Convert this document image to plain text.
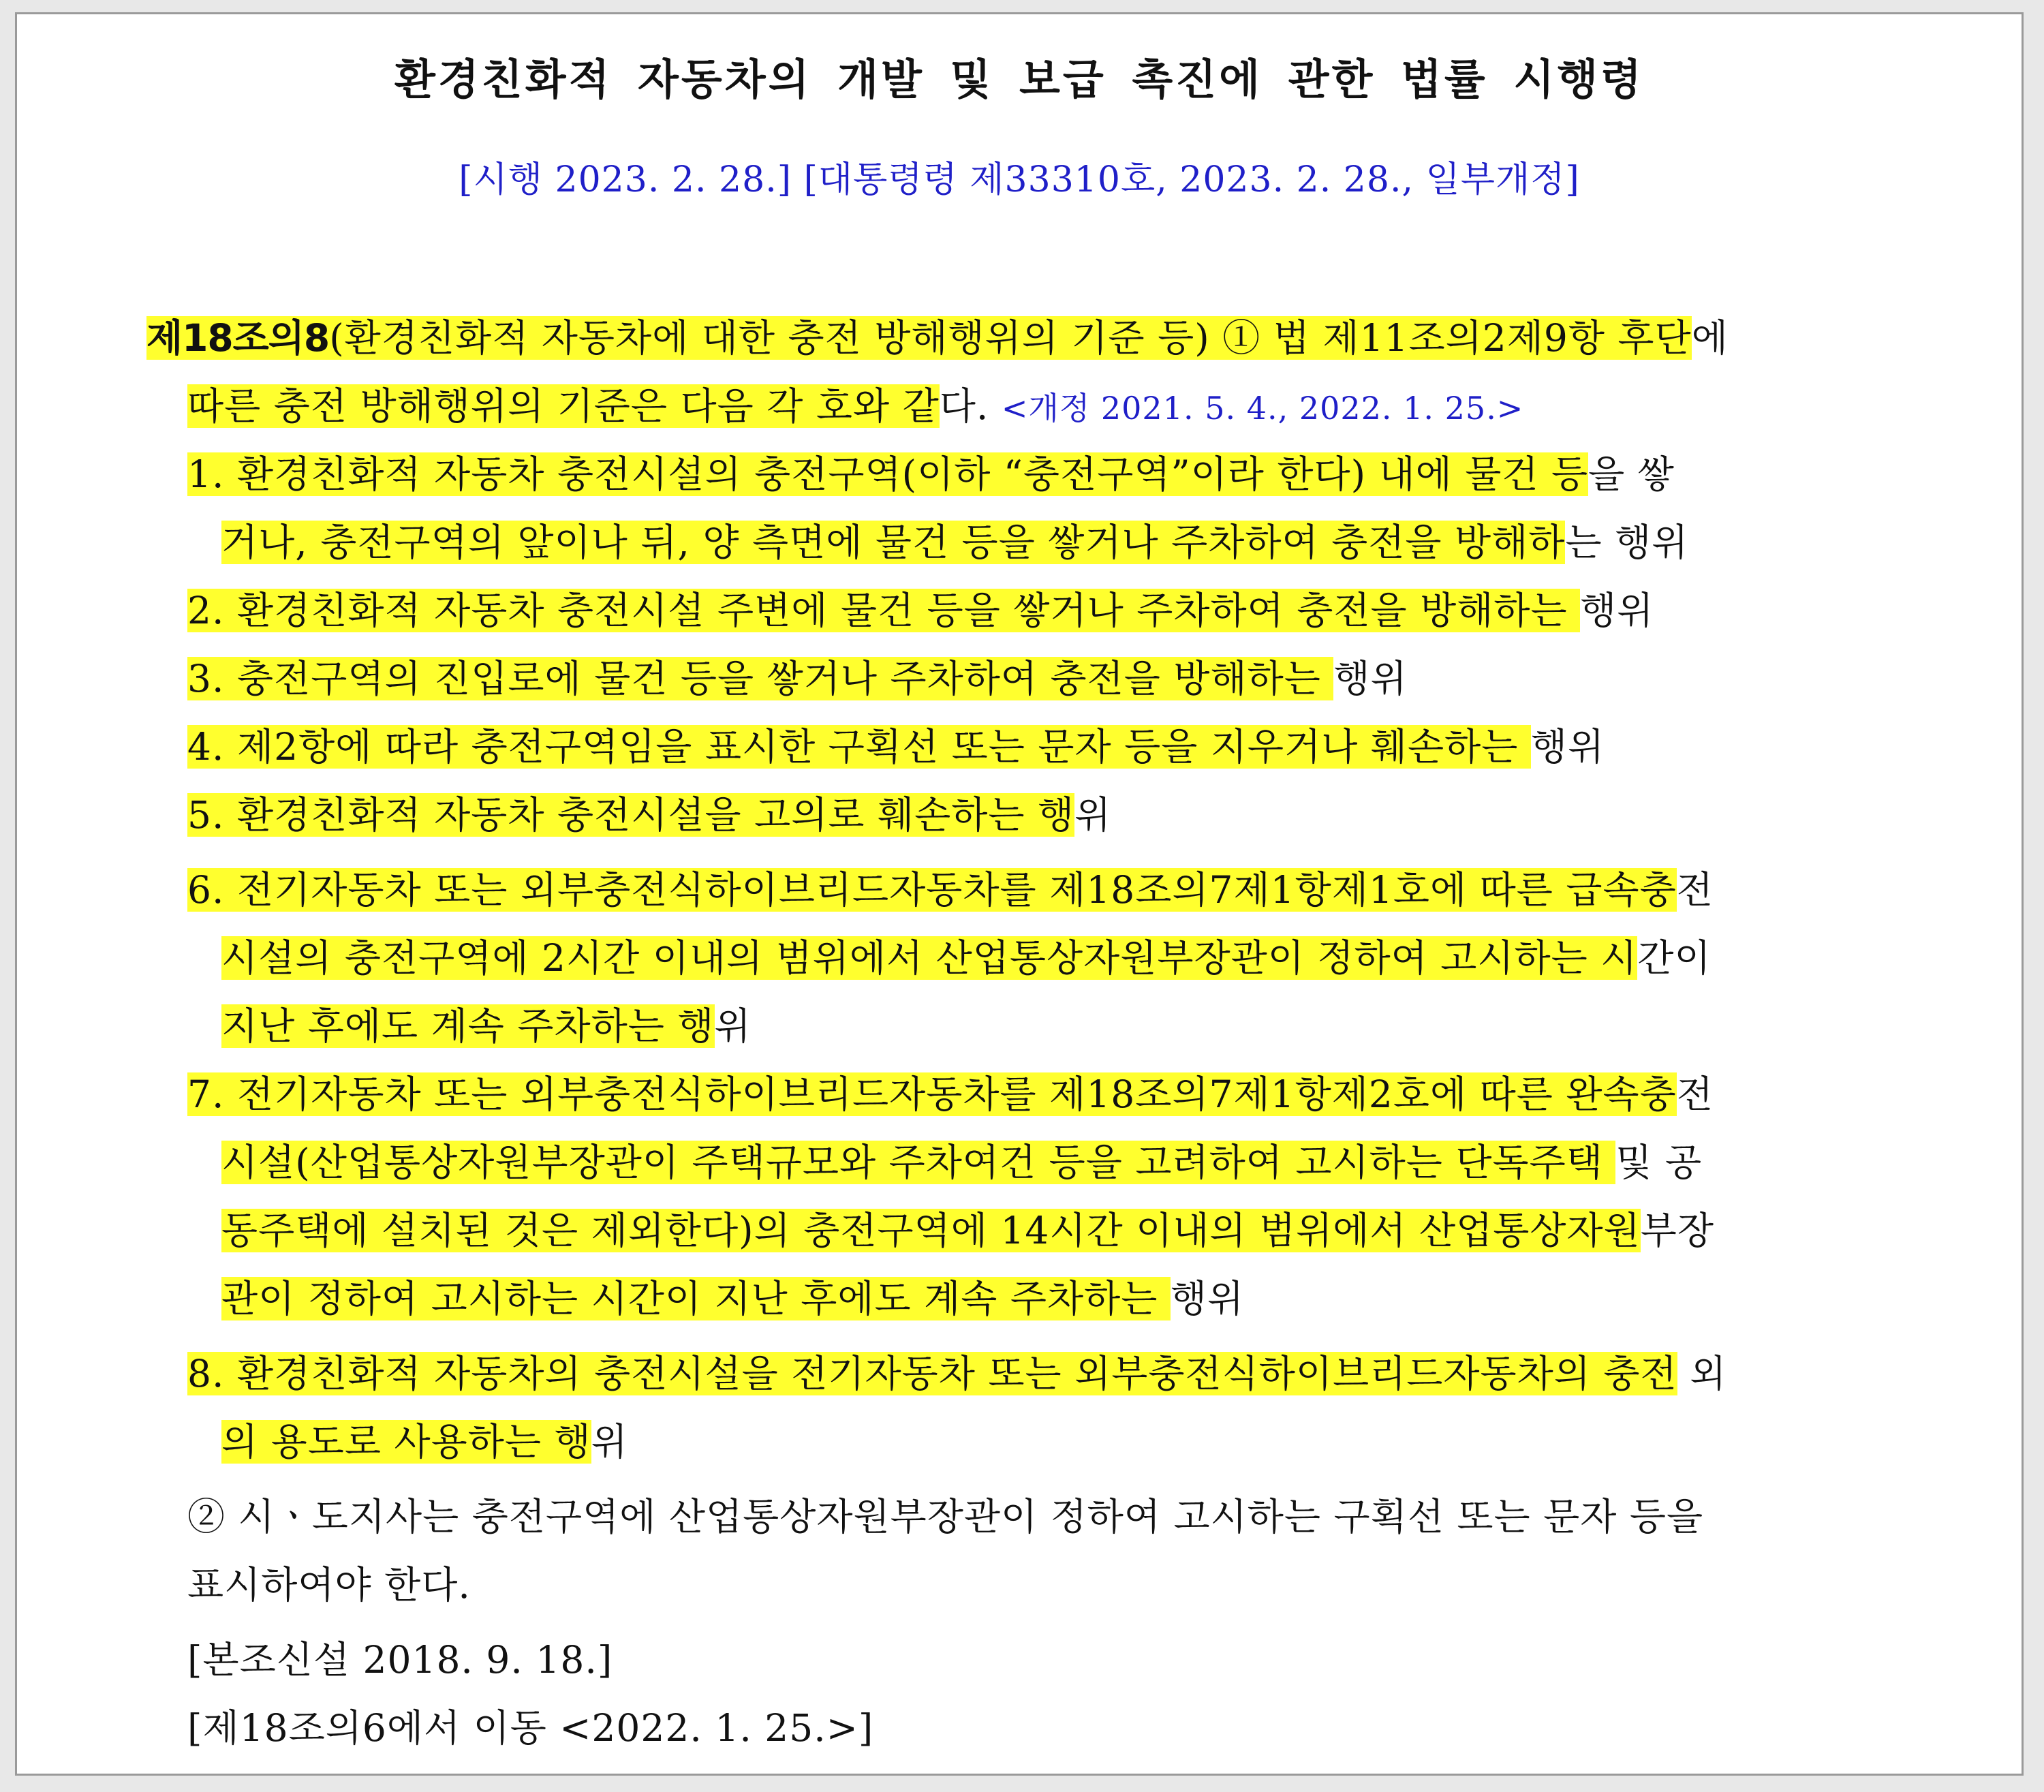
환경친화적 자동차의 개발 및 보급 촉진에 관한 법률 시행령
[시행 2023. 2. 28.] [대통령령 제33310호, 2023. 2. 28., 일부개정]
제18조의8(환경친화적 자동차에 대한 충전 방해행위의 기준 등) ① 법 제11조의2제9항 후단에
따른 충전 방해행위의 기준은 다음 각 호와 같다. <개정 2021. 5. 4., 2022. 1. 25.>
1. 환경친화적 자동차 충전시설의 충전구역(이하 “충전구역”이라 한다) 내에 물건 등을 쌓
거나, 충전구역의 앞이나 뒤, 양 측면에 물건 등을 쌓거나 주차하여 충전을 방해하는 행위
2. 환경친화적 자동차 충전시설 주변에 물건 등을 쌓거나 주차하여 충전을 방해하는 행위
3. 충전구역의 진입로에 물건 등을 쌓거나 주차하여 충전을 방해하는 행위
4. 제2항에 따라 충전구역임을 표시한 구획선 또는 문자 등을 지우거나 훼손하는 행위
5. 환경친화적 자동차 충전시설을 고의로 훼손하는 행위
6. 전기자동차 또는 외부충전식하이브리드자동차를 제18조의7제1항제1호에 따른 급속충전
시설의 충전구역에 2시간 이내의 범위에서 산업통상자원부장관이 정하여 고시하는 시간이
지난 후에도 계속 주차하는 행위
7. 전기자동차 또는 외부충전식하이브리드자동차를 제18조의7제1항제2호에 따른 완속충전
시설(산업통상자원부장관이 주택규모와 주차여건 등을 고려하여 고시하는 단독주택 및 공
동주택에 설치된 것은 제외한다)의 충전구역에 14시간 이내의 범위에서 산업통상자원부장
관이 정하여 고시하는 시간이 지난 후에도 계속 주차하는 행위
8. 환경친화적 자동차의 충전시설을 전기자동차 또는 외부충전식하이브리드자동차의 충전 외
의 용도로 사용하는 행위
② 시ㆍ도지사는 충전구역에 산업통상자원부장관이 정하여 고시하는 구획선 또는 문자 등을
표시하여야 한다.
[본조신설 2018. 9. 18.]
[제18조의6에서 이동 <2022. 1. 25.>]
